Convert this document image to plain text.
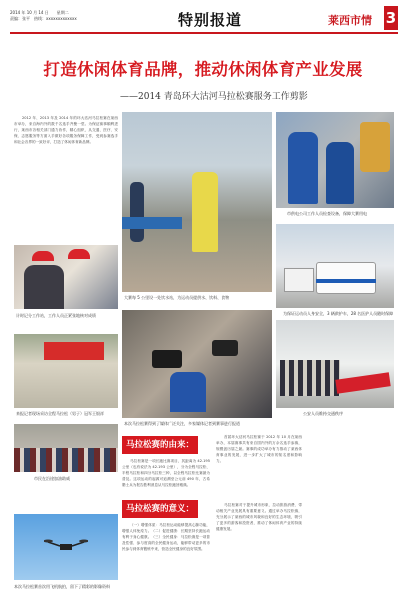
2014 年 10 月 14 日　　星期二
责编：张平　热线：xxxxxxxxxxxxx	特别报道	莱西市情 3
打造休闲体育品牌，推动休闲体育产业发展
——2014 青岛环大沽河马拉松赛服务工作剪影
2012 年、2013 年及 2014 年的环大沽河马拉松赛在莱西市举办，来自海内外的数千名选手齐聚一堂。为保证赛事顺利进行，莱西市各相关部门通力协作，精心组织，从交通、医疗、安保、志愿服务等方面入手做好各项服务保障工作，受到参赛选手和社会各界的一致好评，打造了休闲体育新品牌。
大赛每 5 公里设一处饮水站，为运动员提供水、饮料、食物
市供电公司工作人员检查设备，保障大赛用电
为保证运动员人身安全，3 辆救护车，28 名医护人员随时保障
计时记分工作站，工作人员正紧张地核对成绩
来报记者现场采访全程马拉松（男子）冠军王银祥
市民在沿途加油助威
本次马拉松赛首次用飞机航拍，留下了精彩的影像资料
本次马拉松赛得到了媒体广泛关注，多家媒体记者到赛事进行报道
公安人员维持交通秩序
马拉松赛的由来：
马拉松赛是一项长跑比赛项目，其距离为 42.195 公里（也有说法为 42.193 公里），分为全程马拉松、半程马拉松和四分马拉松三种，以全程马拉松比赛最为普及。这项运动的起源可追溯至公元前 490 年，古希腊士兵为报告胜利消息从马拉松跑回雅典。
首届环大沽河马拉松赛于 2012 年 10 月在莱西举办，本届赛事共有来自国内外的万余名选手参赛，规模创历届之最。赛事的成功举办有力推动了莱西体育事业的发展，进一步扩大了城市的知名度和影响力。
马拉松赛的意义：
（一）增强体质：马拉松运动能够提高心肺功能，增强人体免疫力。（二）促进健康：长期坚持长跑运动有利于身心健康。（三）全民健身：马拉松赛是一项普及性强、参与度高的全民健身运动，能够带动更多的市民参与到体育锻炼中来，营造全民健身的良好氛围。
马拉松赛对于提升城市形象、拉动旅游消费、带动相关产业发展具有重要意义。通过举办马拉松赛，充分展示了莱西的城市风貌和良好的生态环境，吸引了更多的游客和投资者，推动了休闲体育产业的持续健康发展。
